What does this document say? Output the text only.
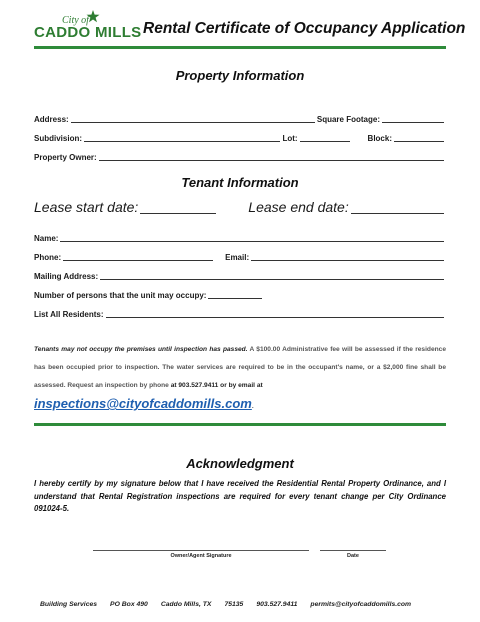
City of
CADDO MILLS Rental Certificate of Occupancy Application
Property Information
Address:	Square Footage:
Subdivision:	Lot:	Block:
Property Owner:
Tenant Information
Lease start date:	Lease end date:
Name:
Phone:	Email:
Mailing Address:
Number of persons that the unit may occupy:
List All Residents:
Tenants may not occupy the premises until inspection has passed. A $100.00 Administrative fee will be assessed if the residence has been occupied prior to inspection. The water services are required to be in the occupant's name, or a $2,000 fine shall be assessed. Request an inspection by phone at 903.527.9411 or by email at
inspections@cityofcaddomills.com.
Acknowledgment
I hereby certify by my signature below that I have received the Residential Rental Property Ordinance, and I understand that Rental Registration inspections are required for every tenant change per City Ordinance 091024-5.
Owner/Agent Signature	Date
Building Services PO Box 490 Caddo Mills, TX 75135 903.527.9411 permits@cityofcaddomills.com
